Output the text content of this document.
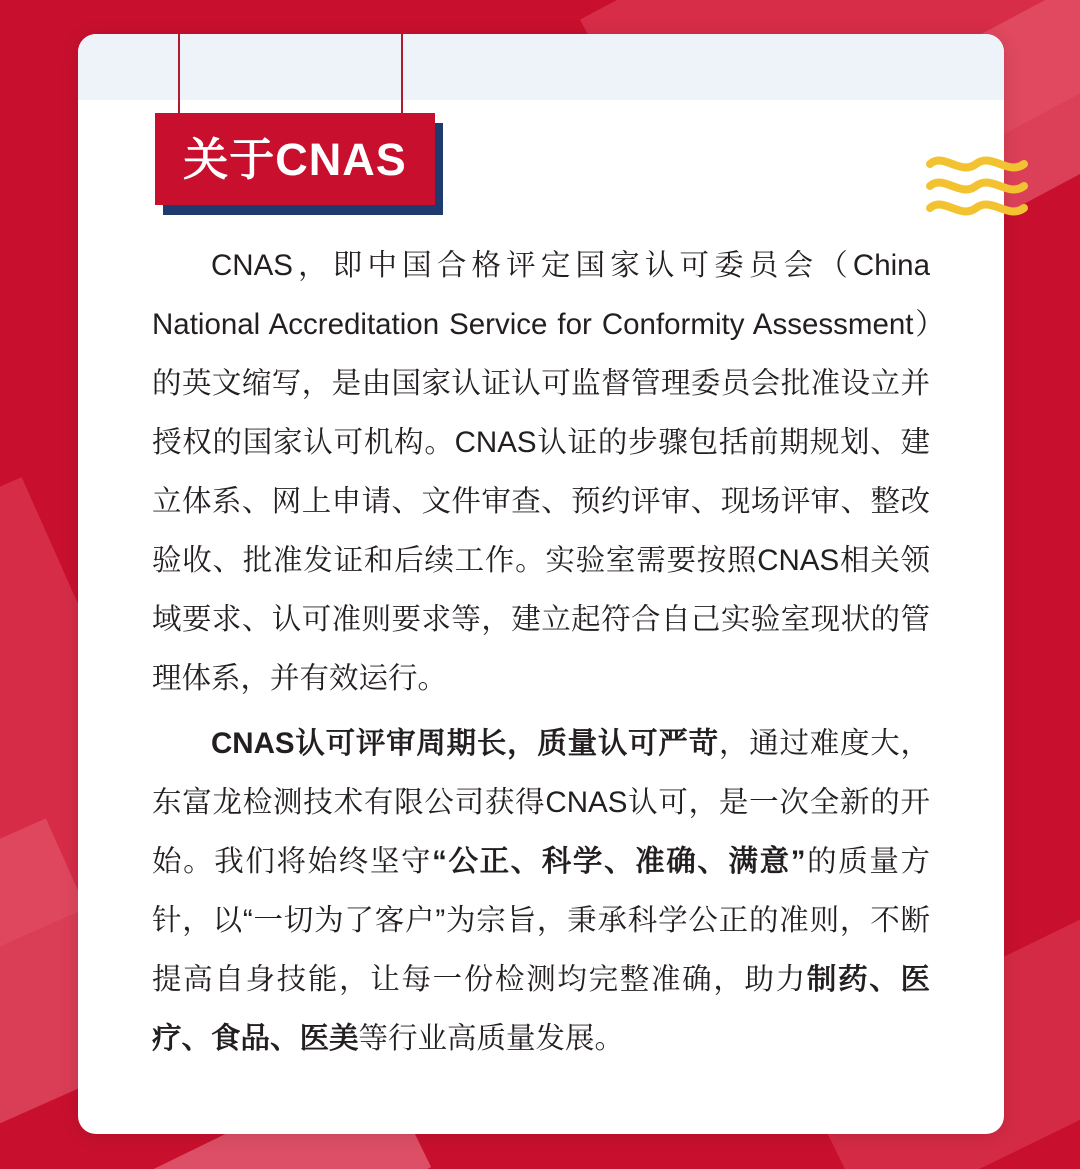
关于CNAS

CNAS，即中国合格评定国家认可委员会（China National Accreditation Service for Conformity Assessment）的英文缩写，是由国家认证认可监督管理委员会批准设立并授权的国家认可机构。CNAS认证的步骤包括前期规划、建立体系、网上申请、文件审查、预约评审、现场评审、整改验收、批准发证和后续工作。实验室需要按照CNAS相关领域要求、认可准则要求等，建立起符合自己实验室现状的管理体系，并有效运行。

CNAS认可评审周期长，质量认可严苛，通过难度大，东富龙检测技术有限公司获得CNAS认可，是一次全新的开始。我们将始终坚守“公正、科学、准确、满意”的质量方针，以“一切为了客户”为宗旨，秉承科学公正的准则，不断提高自身技能，让每一份检测均完整准确，助力制药、医疗、食品、医美等行业高质量发展。
